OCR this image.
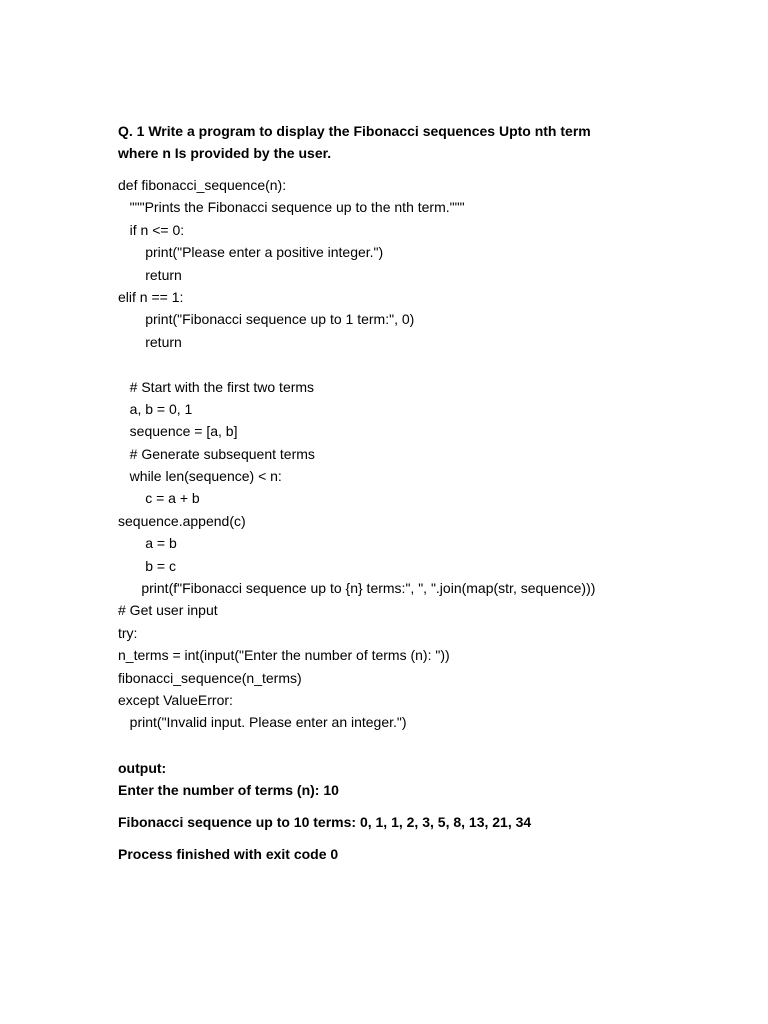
Q. 1 Write a program to display the Fibonacci sequences Upto nth term
where n Is provided by the user.
def fibonacci_sequence(n):
"""Prints the Fibonacci sequence up to the nth term."""
if n <= 0:
print("Please enter a positive integer.")
return
elif n == 1:
print("Fibonacci sequence up to 1 term:", 0)
return
# Start with the first two terms
a, b = 0, 1
sequence = [a, b]
# Generate subsequent terms
while len(sequence) < n:
c = a + b
sequence.append(c)
a = b
b = c
print(f"Fibonacci sequence up to {n} terms:", ", ".join(map(str, sequence)))
# Get user input
try:
n_terms = int(input("Enter the number of terms (n): "))
fibonacci_sequence(n_terms)
except ValueError:
print("Invalid input. Please enter an integer.")
output:
Enter the number of terms (n): 10
Fibonacci sequence up to 10 terms: 0, 1, 1, 2, 3, 5, 8, 13, 21, 34
Process finished with exit code 0
